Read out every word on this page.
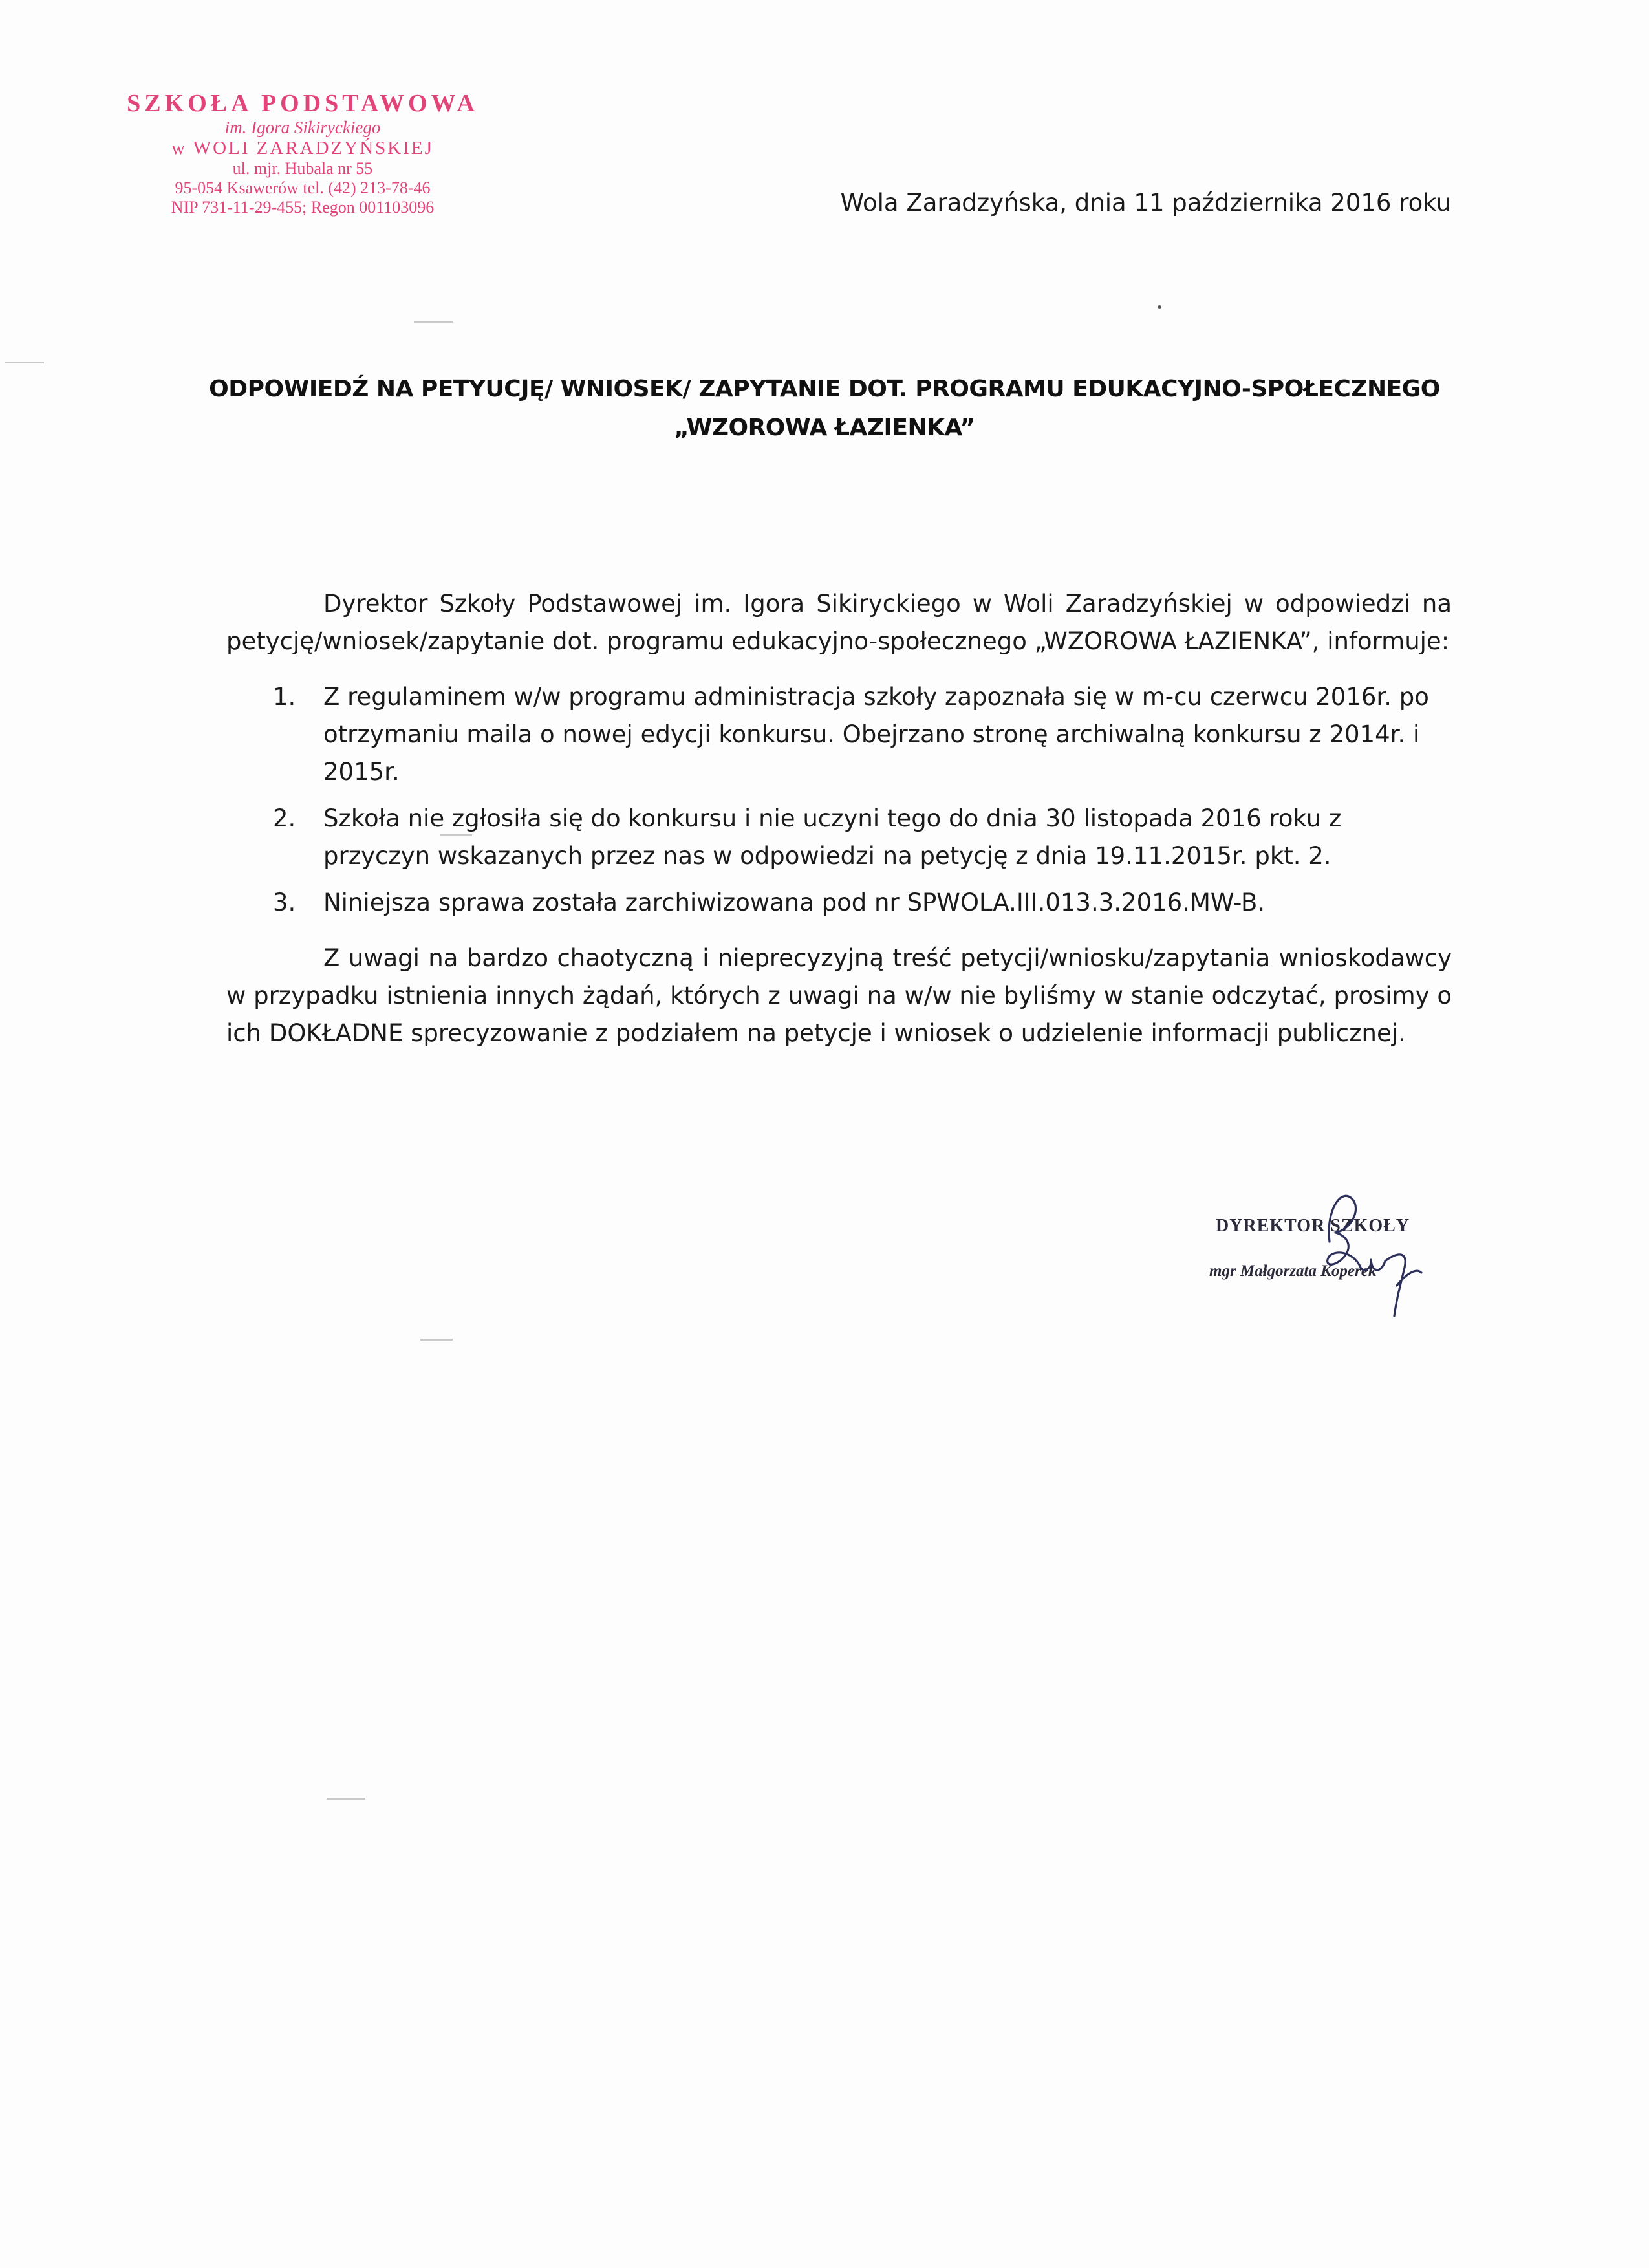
SZKOŁA PODSTAWOWA
im. Igora Sikiryckiego
w WOLI ZARADZYŃSKIEJ
ul. mjr. Hubala nr 55
95-054 Ksawerów tel. (42) 213-78-46
NIP 731-11-29-455; Regon 001103096	Wola Zaradzyńska, dnia 11 października 2016 roku
ODPOWIEDŹ NA PETYUCJĘ/ WNIOSEK/ ZAPYTANIE DOT. PROGRAMU EDUKACYJNO-SPOŁECZNEGO
„WZOROWA ŁAZIENKA”

Dyrektor Szkoły Podstawowej im. Igora Sikiryckiego w Woli Zaradzyńskiej w odpowiedzi na petycję/wniosek/zapytanie dot. programu edukacyjno-społecznego „WZOROWA ŁAZIENKA”, informuje:

1. Z regulaminem w/w programu administracja szkoły zapoznała się w m-cu czerwcu 2016r. po otrzymaniu maila o nowej edycji konkursu. Obejrzano stronę archiwalną konkursu z 2014r. i 2015r.
2. Szkoła nie zgłosiła się do konkursu i nie uczyni tego do dnia 30 listopada 2016 roku z przyczyn wskazanych przez nas w odpowiedzi na petycję z dnia 19.11.2015r. pkt. 2.
3. Niniejsza sprawa została zarchiwizowana pod nr SPWOLA.III.013.3.2016.MW-B.

Z uwagi na bardzo chaotyczną i nieprecyzyjną treść petycji/wniosku/zapytania wnioskodawcy w przypadku istnienia innych żądań, których z uwagi na w/w nie byliśmy w stanie odczytać, prosimy o ich DOKŁADNE sprecyzowanie z podziałem na petycje i wniosek o udzielenie informacji publicznej.

DYREKTOR SZKOŁY
mgr Małgorzata Koperek
